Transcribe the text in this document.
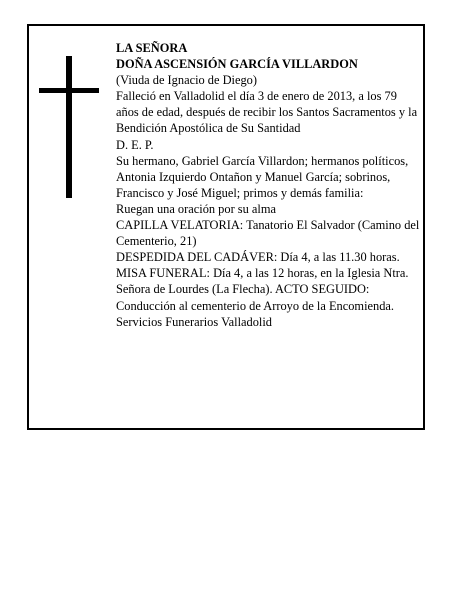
LA SEÑORA

DOÑA ASCENSIÓN GARCÍA VILLARDON

(Viuda de Ignacio de Diego)

Falleció en Valladolid el día 3 de enero de 2013, a los 79 años de edad, después de recibir los Santos Sacramentos y la Bendición Apostólica de Su Santidad

D. E. P.

Su hermano, Gabriel García Villardon; hermanos políticos, Antonia Izquierdo Ontañon y Manuel García; sobrinos, Francisco y José Miguel; primos y demás familia:

Ruegan una oración por su alma

CAPILLA VELATORIA: Tanatorio El Salvador (Camino del Cementerio, 21)

DESPEDIDA DEL CADÁVER: Día 4, a las 11.30 horas. MISA FUNERAL: Día 4, a las 12 horas, en la Iglesia Ntra. Señora de Lourdes (La Flecha). ACTO SEGUIDO: Conducción al cementerio de Arroyo de la Encomienda.

Servicios Funerarios Valladolid
